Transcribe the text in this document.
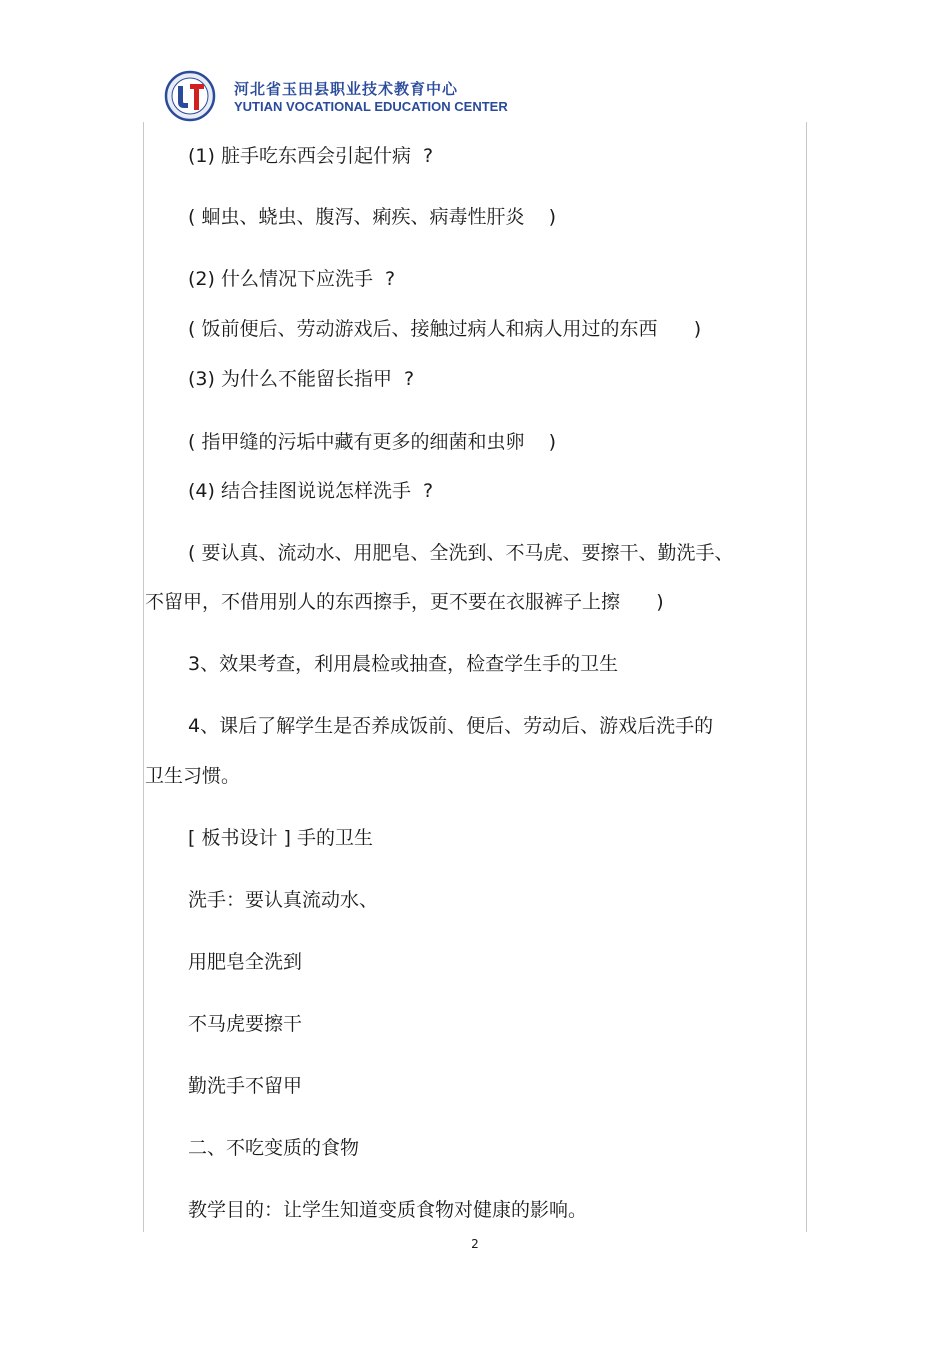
河北省玉田县职业技术教育中心
YUTIAN VOCATIONAL EDUCATION CENTER
(1) 脏手吃东西会引起什病  ?
( 蛔虫、蛲虫、腹泻、痢疾、病毒性肝炎    )
(2) 什么情况下应洗手  ?
( 饭前便后、劳动游戏后、接触过病人和病人用过的东西      )
(3) 为什么不能留长指甲  ?
( 指甲缝的污垢中藏有更多的细菌和虫卵    )
(4) 结合挂图说说怎样洗手  ?
( 要认真、流动水、用肥皂、全洗到、不马虎、要擦干、勤洗手、
不留甲，不借用别人的东西擦手，更不要在衣服裤子上擦      )
3、效果考查，利用晨检或抽查，检查学生手的卫生
4、课后了解学生是否养成饭前、便后、劳动后、游戏后洗手的
卫生习惯。
[ 板书设计 ] 手的卫生
洗手：要认真流动水、
用肥皂全洗到
不马虎要擦干
勤洗手不留甲
二、不吃变质的食物
教学目的：让学生知道变质食物对健康的影响。
2
